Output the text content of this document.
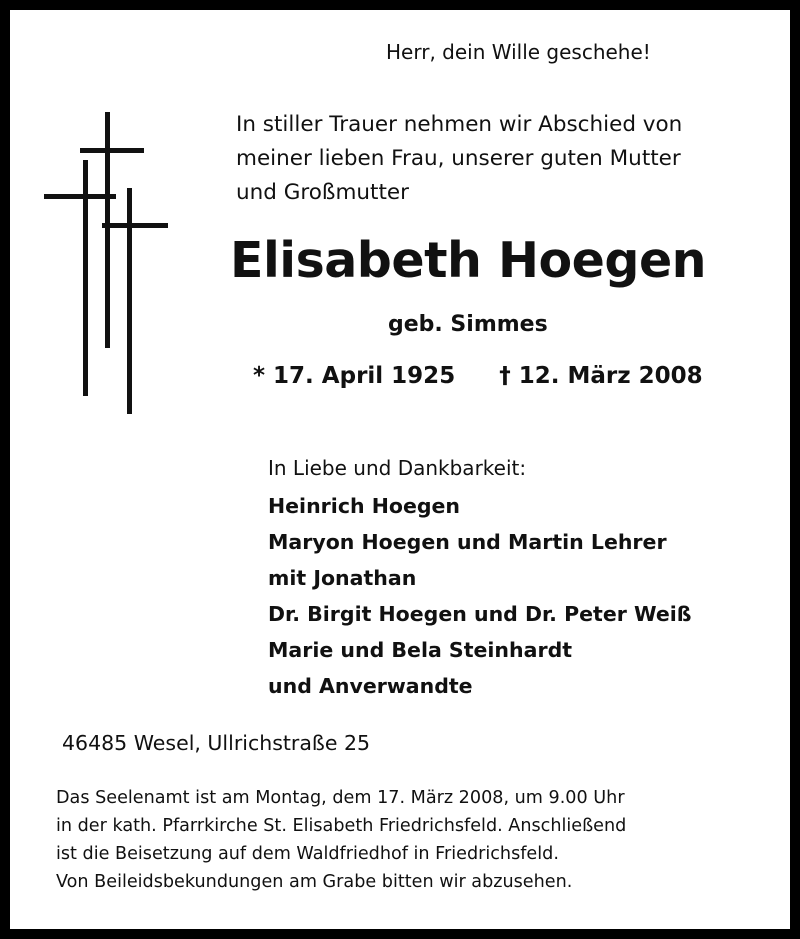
Herr, dein Wille geschehe!
In stiller Trauer nehmen wir Abschied von
meiner lieben Frau, unserer guten Mutter
und Großmutter
Elisabeth Hoegen
geb. Simmes
* 17. April 1925 † 12. März 2008
In Liebe und Dankbarkeit:
Heinrich Hoegen
Maryon Hoegen und Martin Lehrer
mit Jonathan
Dr. Birgit Hoegen und Dr. Peter Weiß
Marie und Bela Steinhardt
und Anverwandte
46485 Wesel, Ullrichstraße 25
Das Seelenamt ist am Montag, dem 17. März 2008, um 9.00 Uhr
in der kath. Pfarrkirche St. Elisabeth Friedrichsfeld. Anschließend
ist die Beisetzung auf dem Waldfriedhof in Friedrichsfeld.
Von Beileidsbekundungen am Grabe bitten wir abzusehen.
